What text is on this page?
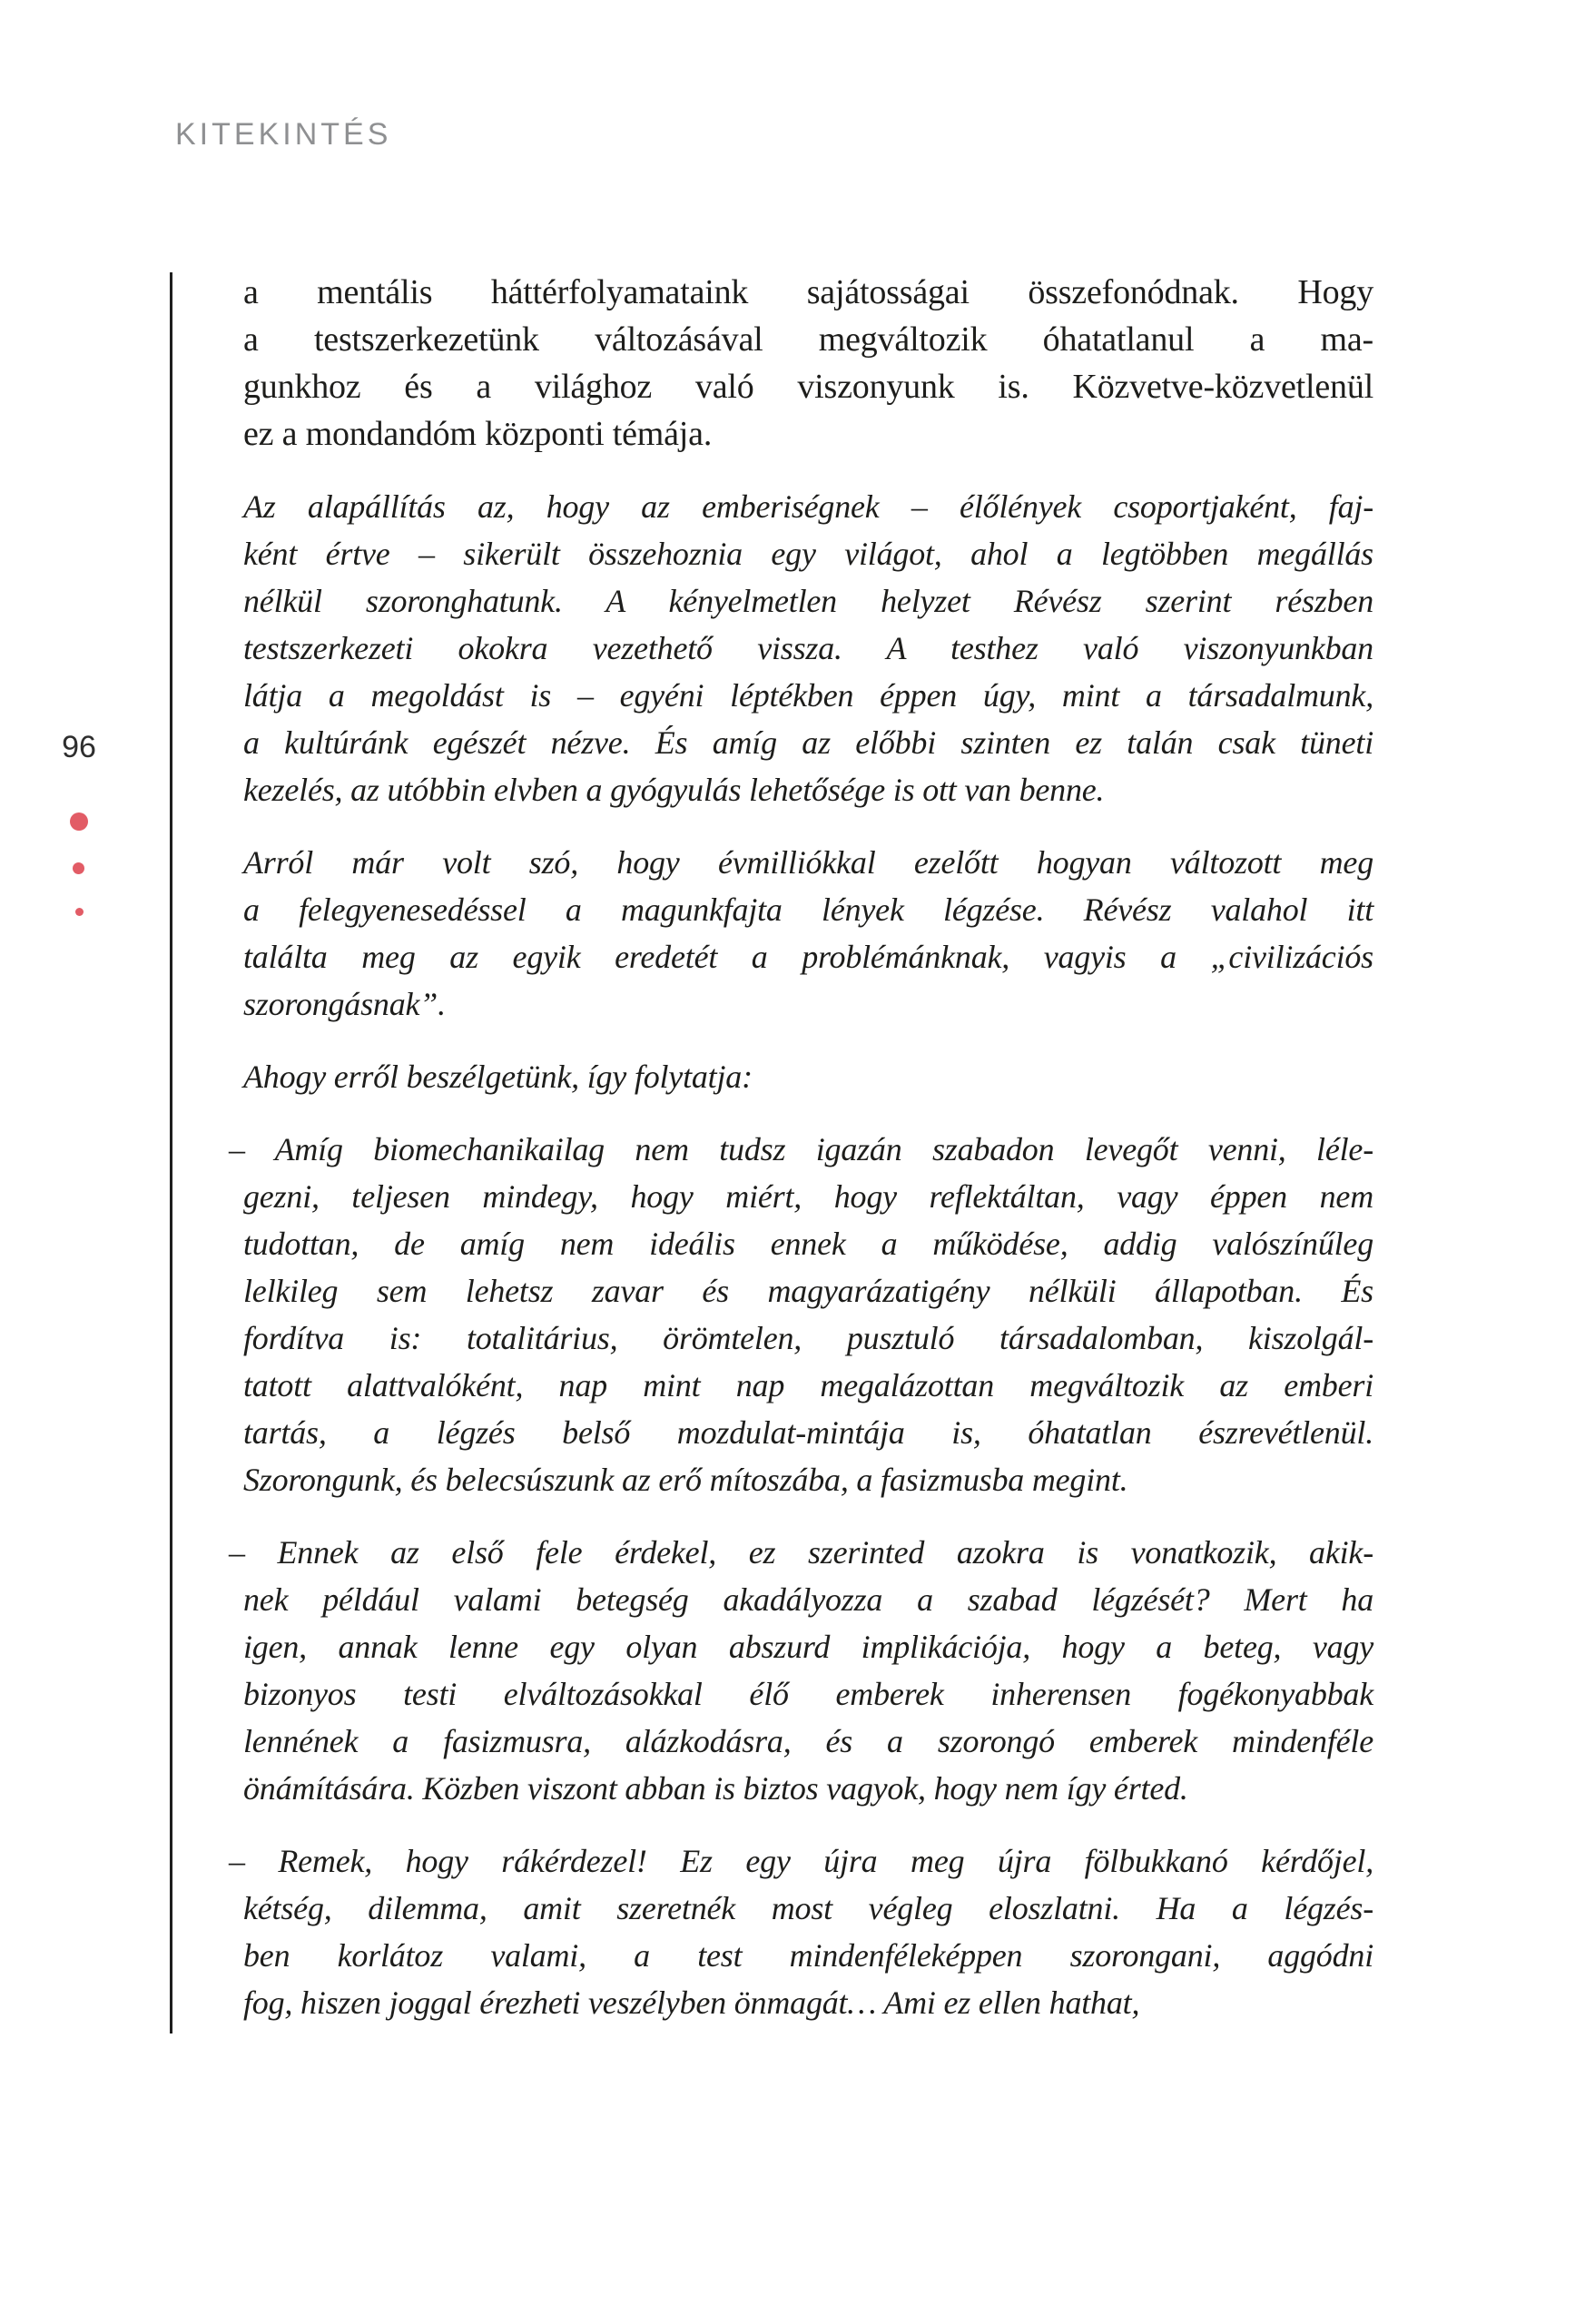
KITEKINTÉS
96
a mentális háttérfolyamataink sajátosságai összefonódnak. Hogy
a testszerkezetünk változásával megváltozik óhatatlanul a ma-
gunkhoz és a világhoz való viszonyunk is. Közvetve-közvetlenül
ez a mondandóm központi témája.
Az alapállítás az, hogy az emberiségnek – élőlények csoportjaként, faj-
ként értve – sikerült összehoznia egy világot, ahol a legtöbben megállás
nélkül szoronghatunk. A kényelmetlen helyzet Révész szerint részben
testszerkezeti okokra vezethető vissza. A testhez való viszonyunkban
látja a megoldást is – egyéni léptékben éppen úgy, mint a társadalmunk,
a kultúránk egészét nézve. És amíg az előbbi szinten ez talán csak tüneti
kezelés, az utóbbin elvben a gyógyulás lehetősége is ott van benne.
Arról már volt szó, hogy évmilliókkal ezelőtt hogyan változott meg
a felegyenesedéssel a magunkfajta lények légzése. Révész valahol itt
találta meg az egyik eredetét a problémánknak, vagyis a „civilizációs
szorongásnak”.
Ahogy erről beszélgetünk, így folytatja:
– Amíg biomechanikailag nem tudsz igazán szabadon levegőt venni, léle-
gezni, teljesen mindegy, hogy miért, hogy reflektáltan, vagy éppen nem
tudottan, de amíg nem ideális ennek a működése, addig valószínűleg
lelkileg sem lehetsz zavar és magyarázatigény nélküli állapotban. És
fordítva is: totalitárius, örömtelen, pusztuló társadalomban, kiszolgál-
tatott alattvalóként, nap mint nap megalázottan megváltozik az emberi
tartás, a légzés belső mozdulat-mintája is, óhatatlan észrevétlenül.
Szorongunk, és belecsúszunk az erő mítoszába, a fasizmusba megint.
– Ennek az első fele érdekel, ez szerinted azokra is vonatkozik, akik-
nek például valami betegség akadályozza a szabad légzését? Mert ha
igen, annak lenne egy olyan abszurd implikációja, hogy a beteg, vagy
bizonyos testi elváltozásokkal élő emberek inherensen fogékonyabbak
lennének a fasizmusra, alázkodásra, és a szorongó emberek mindenféle
önámítására. Közben viszont abban is biztos vagyok, hogy nem így érted.
– Remek, hogy rákérdezel! Ez egy újra meg újra fölbukkanó kérdőjel,
kétség, dilemma, amit szeretnék most végleg eloszlatni. Ha a légzés-
ben korlátoz valami, a test mindenféleképpen szorongani, aggódni
fog, hiszen joggal érezheti veszélyben önmagát… Ami ez ellen hathat,
